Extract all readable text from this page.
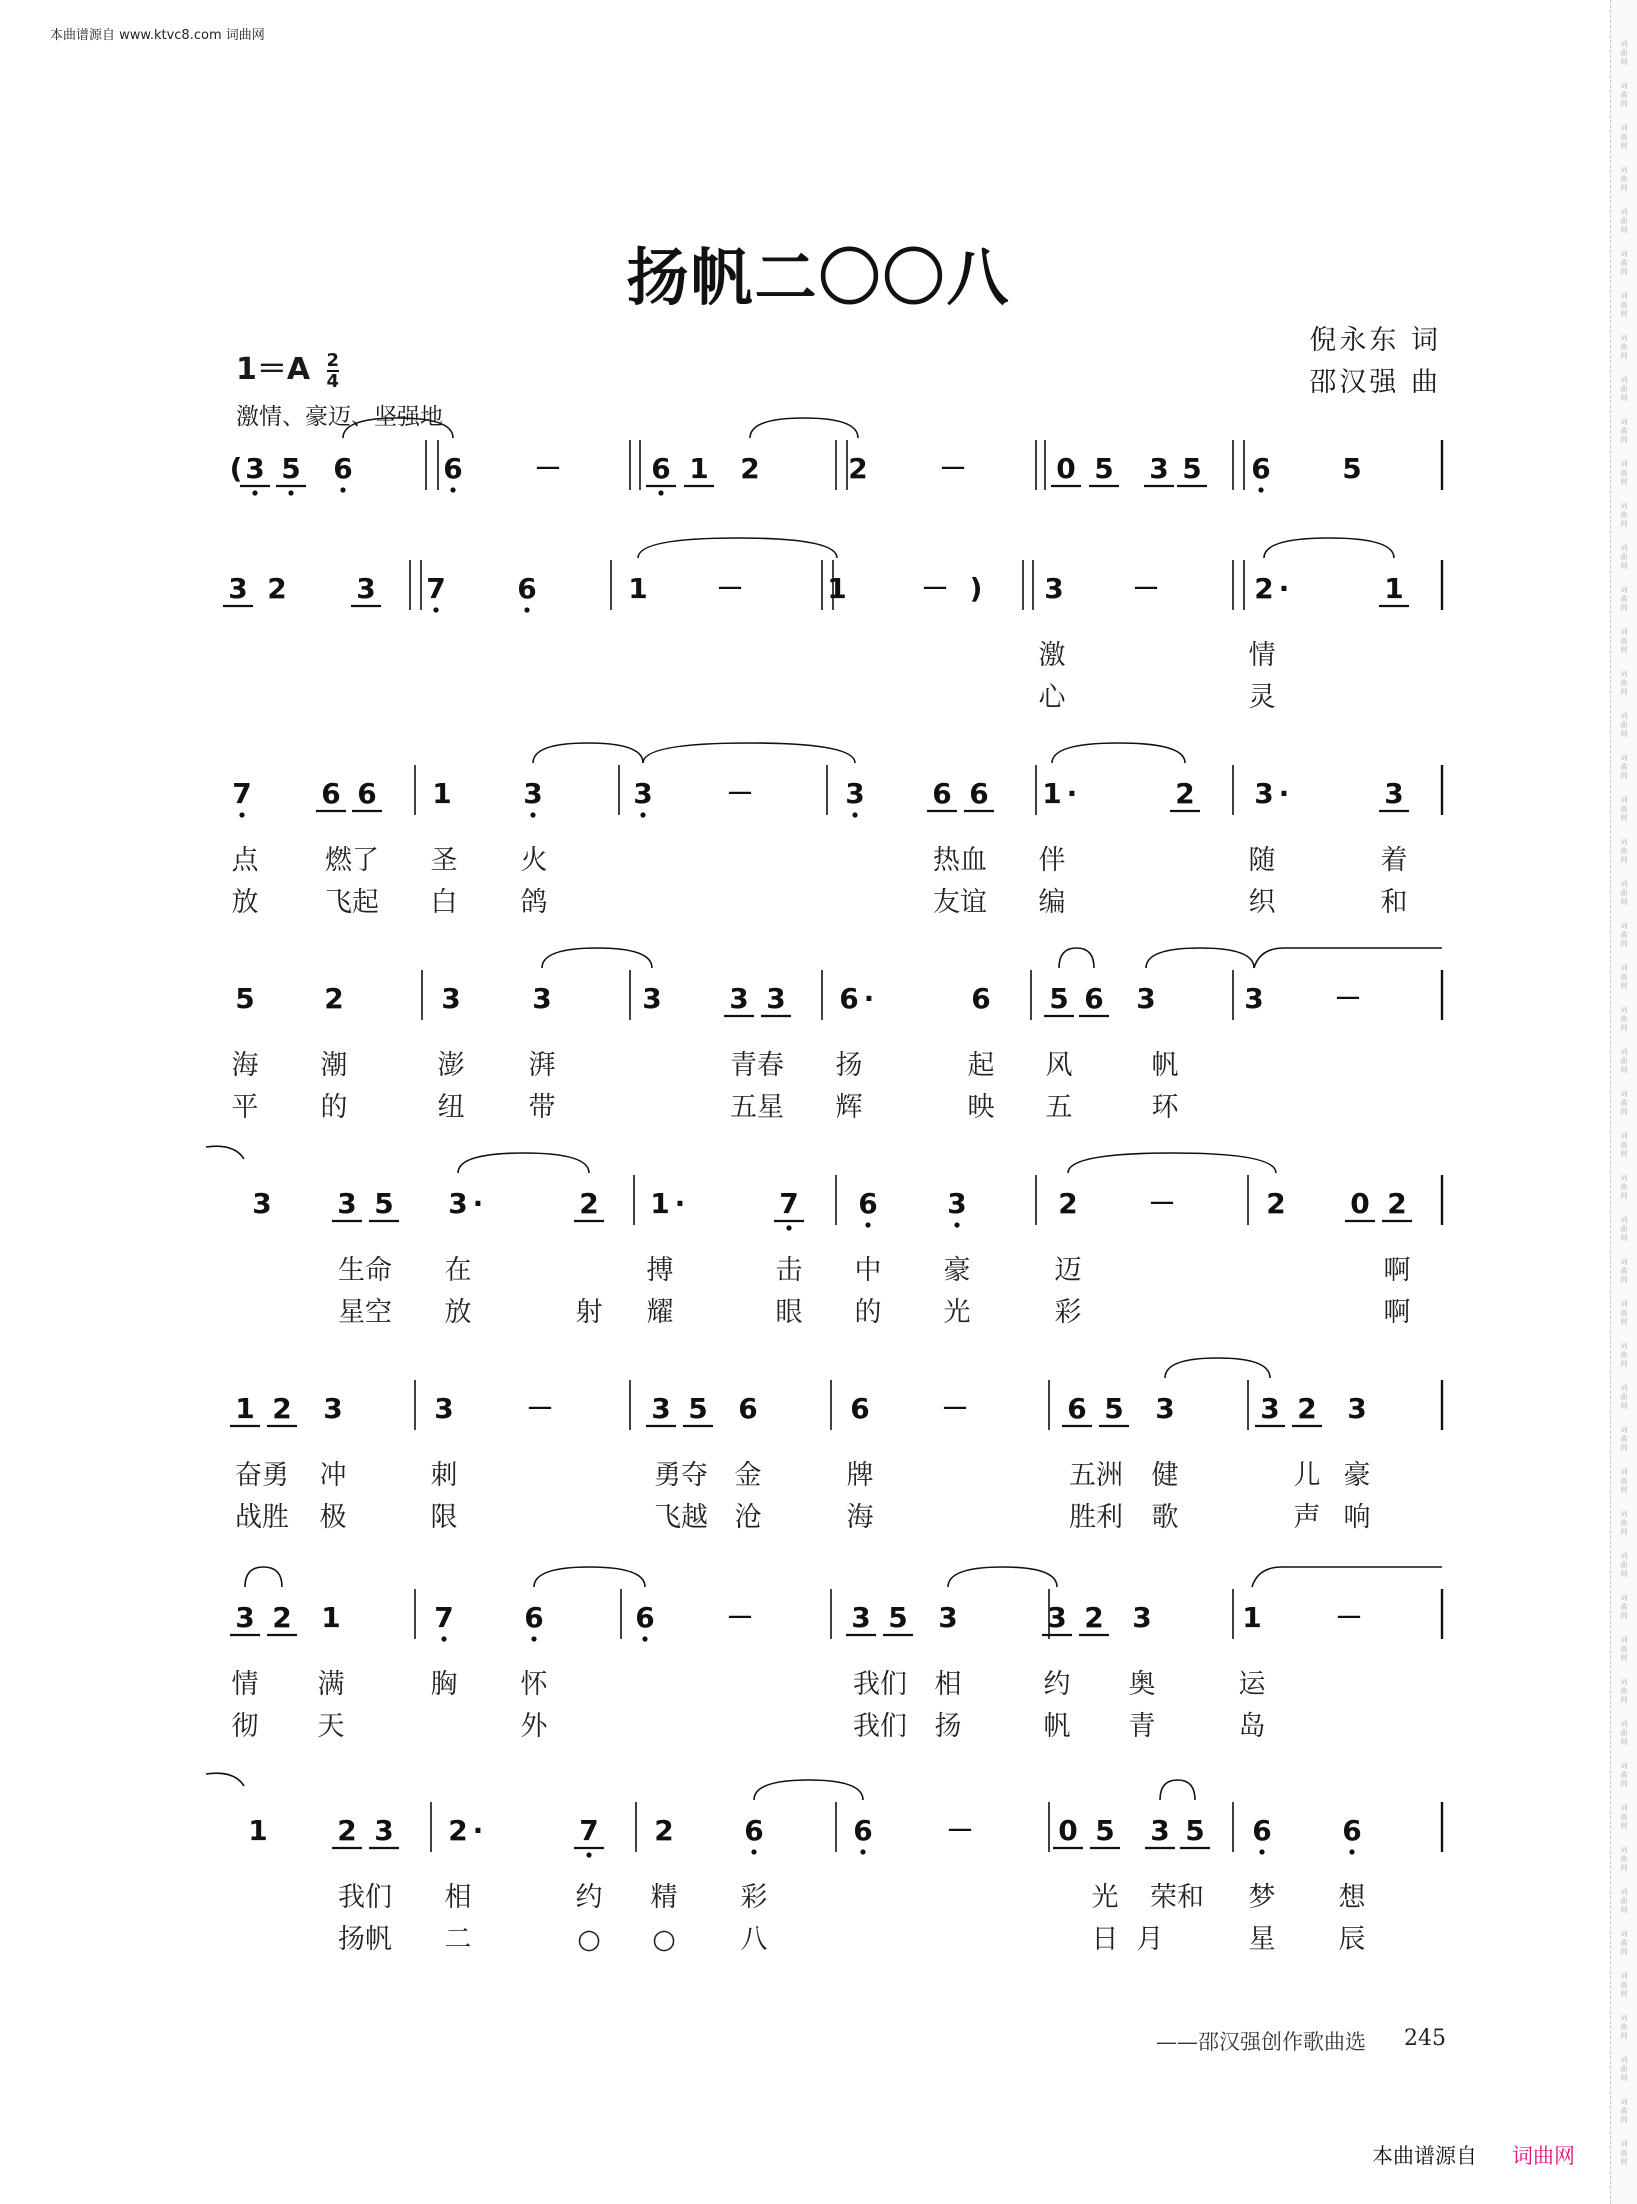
本曲谱源自 www.ktvc8.com 词曲网
词
曲
网
词
曲
网
词
曲
网
词
曲
网
词
曲
网
词
曲
网
词
曲
网
词
曲
网
词
曲
网
词
曲
网
词
曲
网
词
曲
网
词
曲
网
词
曲
网
词
曲
网
词
曲
网
词
曲
网
词
曲
网
词
曲
网
词
曲
网
词
曲
网
词
曲
网
词
曲
网
词
曲
网
词
曲
网
词
曲
网
词
曲
网
词
曲
网
词
曲
网
词
曲
网
词
曲
网
词
曲
网
词
曲
网
词
曲
网
词
曲
网
词
曲
网
词
曲
网
词
曲
网
词
曲
网
词
曲
网
词
曲
网
词
曲
网
词
曲
网
词
曲
网
词
曲
网
词
曲
网
词
曲
网
词
曲
网
词
曲
网
词
曲
网
词
曲
网
扬帆二〇〇八
$1=A \frac{2}{4}$
激情、豪迈、坚强地
倪永东 词
邵汉强 曲
( 3 5 6	6	－	6 1 2	2	－	0 5 3 5 6	5
3 2 3 7	6	1 －	1	－ ) 3 －	2 ·	1
激	情
心	灵
7 6 6 1	3	3	－	3 6 6 1 ·	2 3 ·	3
点 燃了 圣 火	热血 伴	随	着
放 飞起 白 鸽	友谊 编	织	和
5 2	3	3	3 3 3 6 ·	6 5 6 3	3	－
海 潮	澎 湃	青春 扬	起 风	帆
平 的	纽 带	五星 辉	映 五	环
3 3 5 3 ·	2 1 ·	7 6 3	2	－	2 0 2
生命 在	搏	击 中 豪	迈	啊
星空 放	射 耀	眼 的 光	彩	啊
1 2 3	3	－	3 5 6	6	－	6 5 3	3 2 3
奋勇 冲	刺	勇夺 金	牌	五洲 健	儿 豪
战胜 极	限	飞越 沧	海	胜利 歌	声 响
3 2 1	7	6	6	－	3 5 3	3 2 3	1	－
情 满	胸 怀	我们 相	约 奥	运
彻 天	外	我们 扬	帆 青	岛
1 2 3 2 ·	7 2	6	6	－	0 5 3 5 6	6
我们 相	约 精 彩	光 荣和 梦 想
扬帆 二	○ ○ 八	日 月	星 辰
——邵汉强创作歌曲选 245
本曲谱源自 词曲网
